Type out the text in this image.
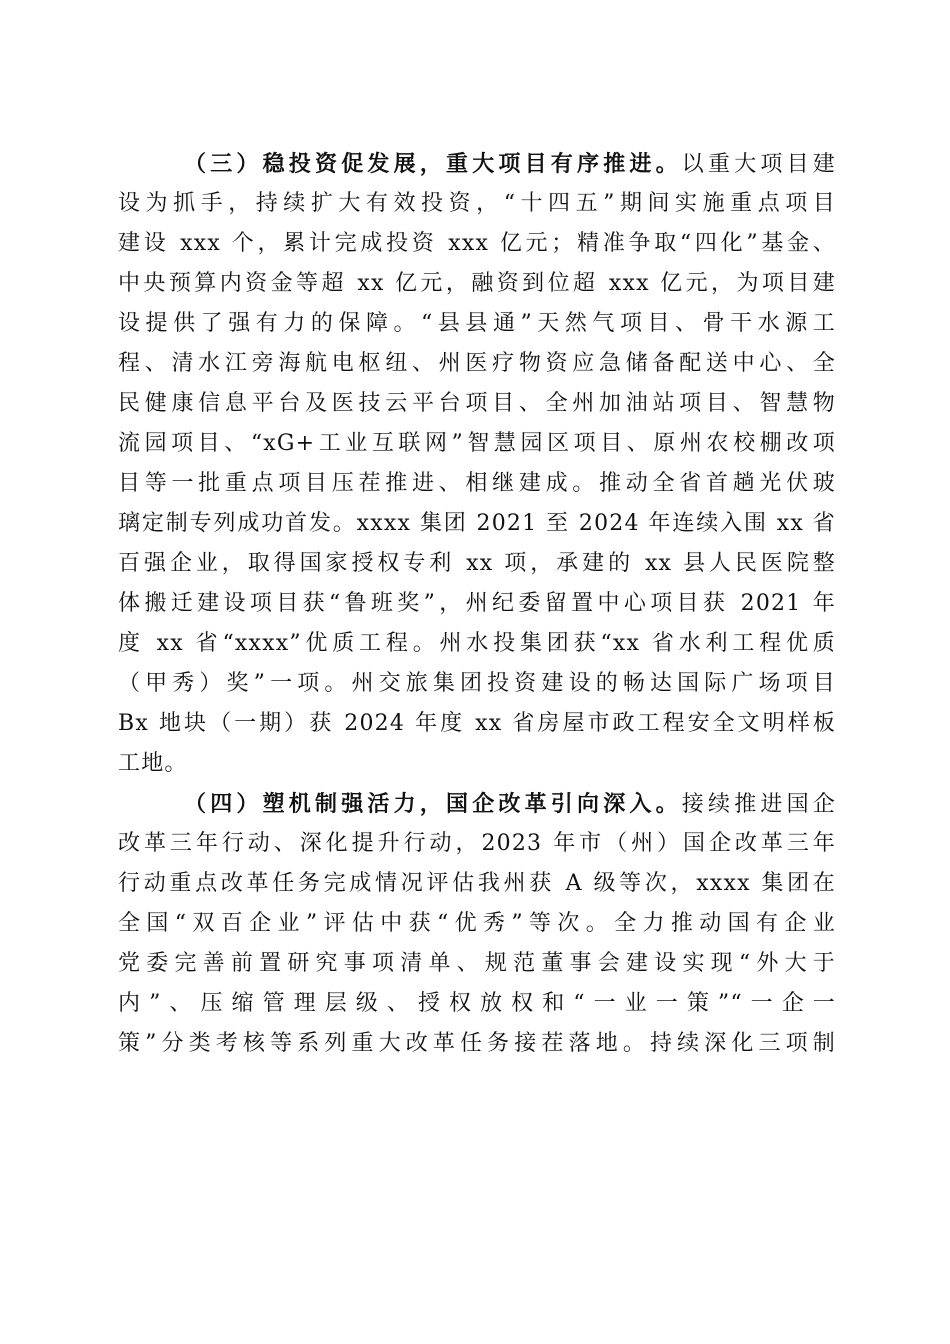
（三）稳投资促发展，重大项目有序推进。以重大项目建
设为抓手，持续扩大有效投资，“十四五”期间实施重点项目
建设 xxx 个，累计完成投资 xxx 亿元；精准争取“四化”基金、
中央预算内资金等超 xx 亿元，融资到位超 xxx 亿元，为项目建
设提供了强有力的保障。“县县通”天然气项目、骨干水源工
程、清水江旁海航电枢纽、州医疗物资应急储备配送中心、全
民健康信息平台及医技云平台项目、全州加油站项目、智慧物
流园项目、“xG+工业互联网”智慧园区项目、原州农校棚改项
目等一批重点项目压茬推进、相继建成。推动全省首趟光伏玻
璃定制专列成功首发。xxxx 集团 2021 至 2024 年连续入围 xx 省
百强企业，取得国家授权专利 xx 项，承建的 xx 县人民医院整
体搬迁建设项目获“鲁班奖”，州纪委留置中心项目获 2021 年
度 xx 省“xxxx”优质工程。州水投集团获“xx 省水利工程优质
（甲秀）奖”一项。州交旅集团投资建设的畅达国际广场项目
Bx 地块（一期）获 2024 年度 xx 省房屋市政工程安全文明样板
工地。
（四）塑机制强活力，国企改革引向深入。接续推进国企
改革三年行动、深化提升行动，2023 年市（州）国企改革三年
行动重点改革任务完成情况评估我州获 A 级等次，xxxx 集团在
全国“双百企业”评估中获“优秀”等次。全力推动国有企业
党委完善前置研究事项清单、规范董事会建设实现“外大于
内”、压缩管理层级、授权放权和“一业一策”“一企一
策”分类考核等系列重大改革任务接茬落地。持续深化三项制
